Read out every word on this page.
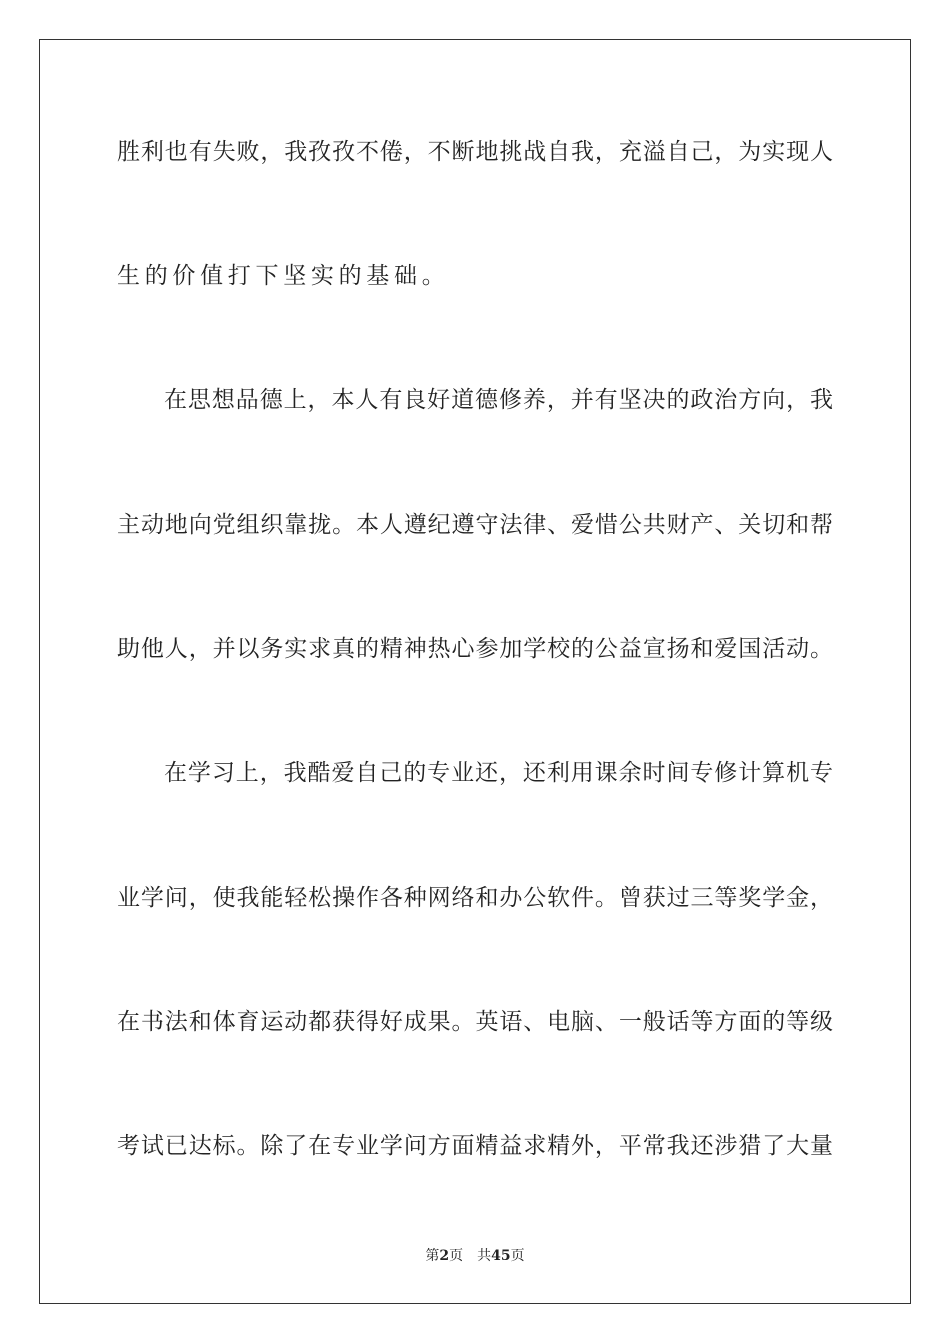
胜利也有失败，我孜孜不倦，不断地挑战自我，充溢自己，为实现人
生的价值打下坚实的基础。
在思想品德上，本人有良好道德修养，并有坚决的政治方向，我
主动地向党组织靠拢。本人遵纪遵守法律、爱惜公共财产、关切和帮
助他人，并以务实求真的精神热心参加学校的公益宣扬和爱国活动。
在学习上，我酷爱自己的专业还，还利用课余时间专修计算机专
业学问，使我能轻松操作各种网络和办公软件。曾获过三等奖学金，
在书法和体育运动都获得好成果。英语、电脑、一般话等方面的等级
考试已达标。除了在专业学问方面精益求精外，平常我还涉猎了大量
第2页 共45页
